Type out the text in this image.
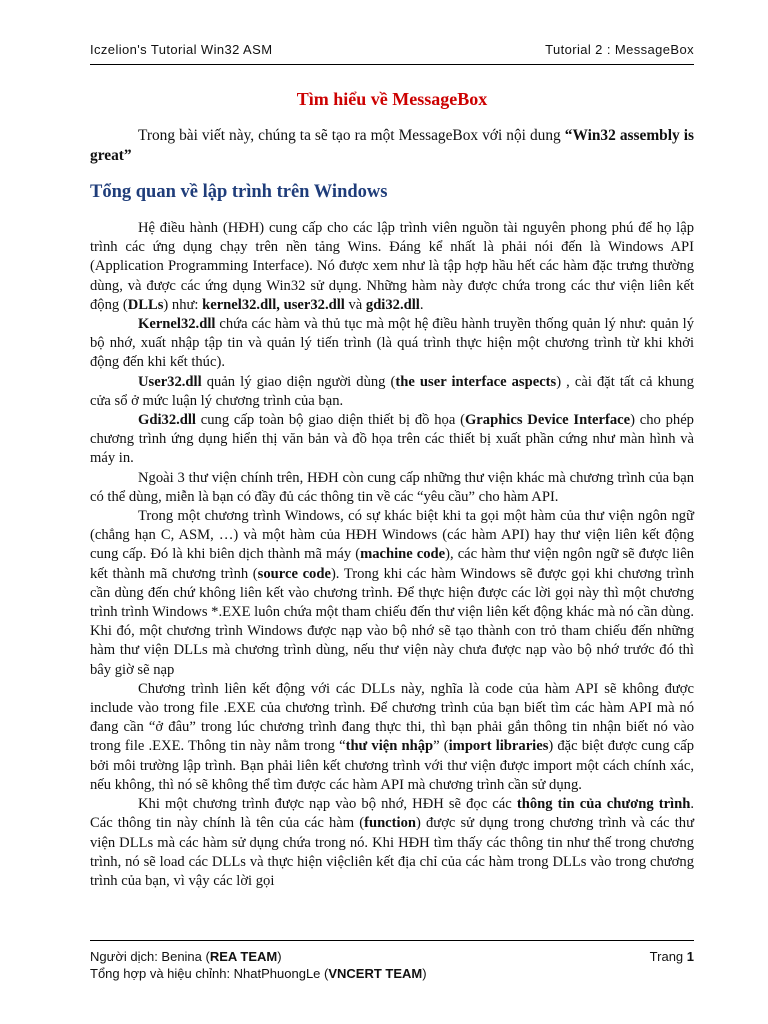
Iczelion's Tutorial Win32 ASM	Tutorial 2 : MessageBox
Tìm hiểu về MessageBox
Trong bài viết này, chúng ta sẽ tạo ra một MessageBox với nội dung “Win32 assembly is great”
Tổng quan về lập trình trên Windows

Hệ điều hành (HĐH) cung cấp cho các lập trình viên nguồn tài nguyên phong phú để họ lập trình các ứng dụng chạy trên nền tảng Wins. Đáng kể nhất là phải nói đến là Windows API (Application Programming Interface). Nó được xem như là tập hợp hầu hết các hàm đặc trưng thường dùng, và được các ứng dụng Win32 sử dụng. Những hàm này được chứa trong các thư viện liên kết động (DLLs) như: kernel32.dll, user32.dll và gdi32.dll.

Kernel32.dll chứa các hàm và thủ tục mà một hệ điều hành truyền thống quản lý như: quản lý bộ nhớ, xuất nhập tập tin và quản lý tiến trình (là quá trình thực hiện một chương trình từ khi khởi động đến khi kết thúc).

User32.dll quản lý giao diện người dùng (the user interface aspects) , cài đặt tất cả khung cửa sổ ở mức luận lý chương trình của bạn.

Gdi32.dll cung cấp toàn bộ giao diện thiết bị đồ họa (Graphics Device Interface) cho phép chương trình ứng dụng hiển thị văn bản và đồ họa trên các thiết bị xuất phần cứng như màn hình và máy in.

Ngoài 3 thư viện chính trên, HĐH còn cung cấp những thư viện khác mà chương trình của bạn có thể dùng, miễn là bạn có đầy đủ các thông tin về các “yêu cầu” cho hàm API.

Trong một chương trình Windows, có sự khác biệt khi ta gọi một hàm của thư viện ngôn ngữ (chẳng hạn C, ASM, …) và một hàm của HĐH Windows (các hàm API) hay thư viện liên kết động cung cấp. Đó là khi biên dịch thành mã máy (machine code), các hàm thư viện ngôn ngữ sẽ được liên kết thành mã chương trình (source code). Trong khi các hàm Windows sẽ được gọi khi chương trình cần dùng đến chứ không liên kết vào chương trình. Để thực hiện được các lời gọi này thì một chương trình trình Windows *.EXE luôn chứa một tham chiếu đến thư viện liên kết động khác mà nó cần dùng. Khi đó, một chương trình Windows được nạp vào bộ nhớ sẽ tạo thành con trỏ tham chiếu đến những hàm thư viện DLLs mà chương trình dùng, nếu thư viện này chưa được nạp vào bộ nhớ trước đó thì bây giờ sẽ nạp

Chương trình liên kết động với các DLLs này, nghĩa là code của hàm API sẽ không được include vào trong file .EXE của chương trình. Để chương trình của bạn biết tìm các hàm API mà nó đang cần “ở đâu” trong lúc chương trình đang thực thi, thì bạn phải gắn thông tin nhận biết nó vào trong file .EXE. Thông tin này nằm trong “thư viện nhập” (import libraries) đặc biệt được cung cấp bởi môi trường lập trình. Bạn phải liên kết chương trình với thư viện được import một cách chính xác, nếu không, thì nó sẽ không thể tìm được các hàm API mà chương trình cần sử dụng.

Khi một chương trình được nạp vào bộ nhớ, HĐH sẽ đọc các thông tin của chương trình. Các thông tin này chính là tên của các hàm (function) được sử dụng trong chương trình và các thư viện DLLs mà các hàm sử dụng chứa trong nó. Khi HĐH tìm thấy các thông tin như thế trong chương trình, nó sẽ load các DLLs và thực hiện việcliên kết địa chỉ của các hàm trong DLLs vào trong chương trình của bạn, vì vậy các lời gọi

Người dịch: Benina (REA TEAM)	Trang 1
Tổng hợp và hiệu chỉnh: NhatPhuongLe (VNCERT TEAM)
